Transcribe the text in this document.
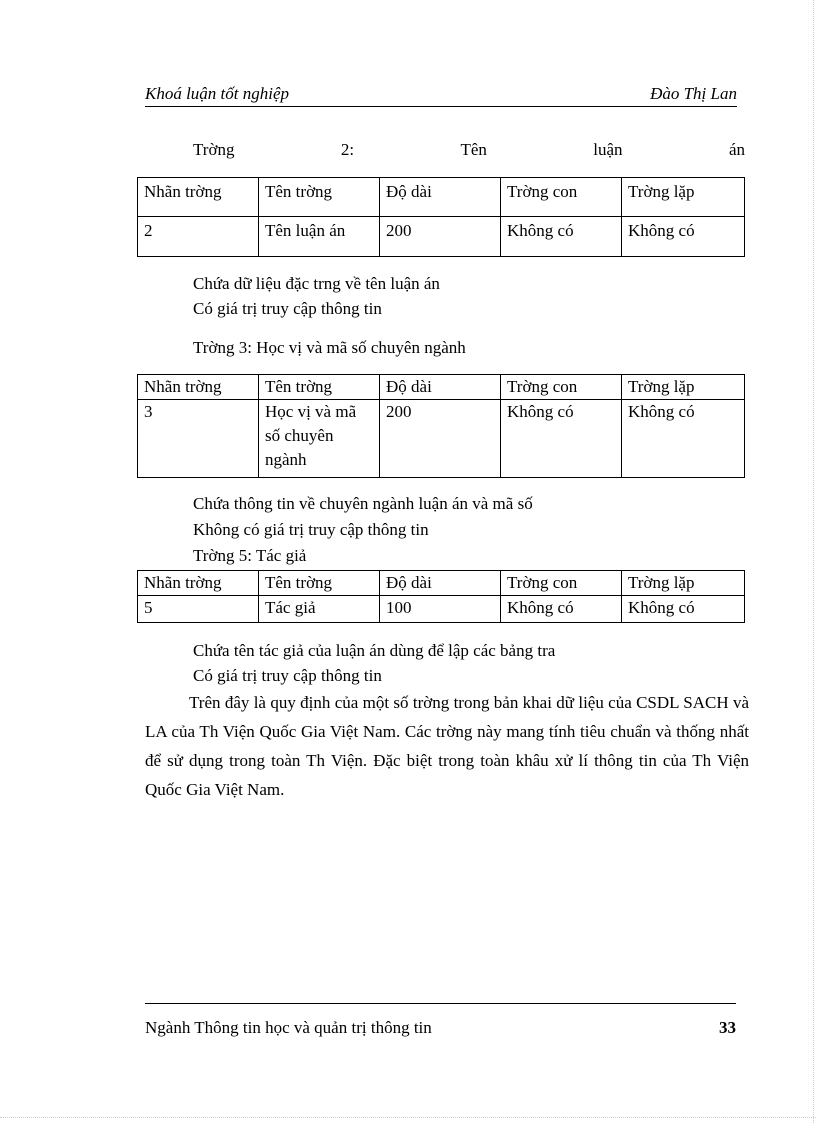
Khoá luận tốt nghiệp	Đào Thị Lan
Trờng	2:	Tên	luận	án
Nhãn trờng	Tên trờng	Độ dài	Trờng con	Trờng lặp
2	Tên luận án	200	Không có	Không có
Chứa dữ liệu đặc trng về tên luận án
Có giá trị truy cập thông tin
Trờng 3: Học vị và mã số chuyên ngành
Nhãn trờng	Tên trờng	Độ dài	Trờng con	Trờng lặp
3	Học vị và mã số chuyên ngành	200	Không có	Không có
Chứa thông tin về chuyên ngành luận án và mã số
Không có giá trị truy cập thông tin
Trờng 5: Tác giả
Nhãn trờng	Tên trờng	Độ dài	Trờng con	Trờng lặp
5	Tác giả	100	Không có	Không có
Chứa tên tác giả của luận án dùng để lập các bảng tra
Có giá trị truy cập thông tin
Trên đây là quy định của một số trờng trong bản khai dữ liệu của CSDL SACH và LA của Th Viện Quốc Gia Việt Nam. Các trờng này mang tính tiêu chuẩn và thống nhất để sử dụng trong toàn Th Viện. Đặc biệt trong toàn khâu xử lí thông tin của Th Viện Quốc Gia Việt Nam.
Ngành Thông tin học và quản trị thông tin	33
